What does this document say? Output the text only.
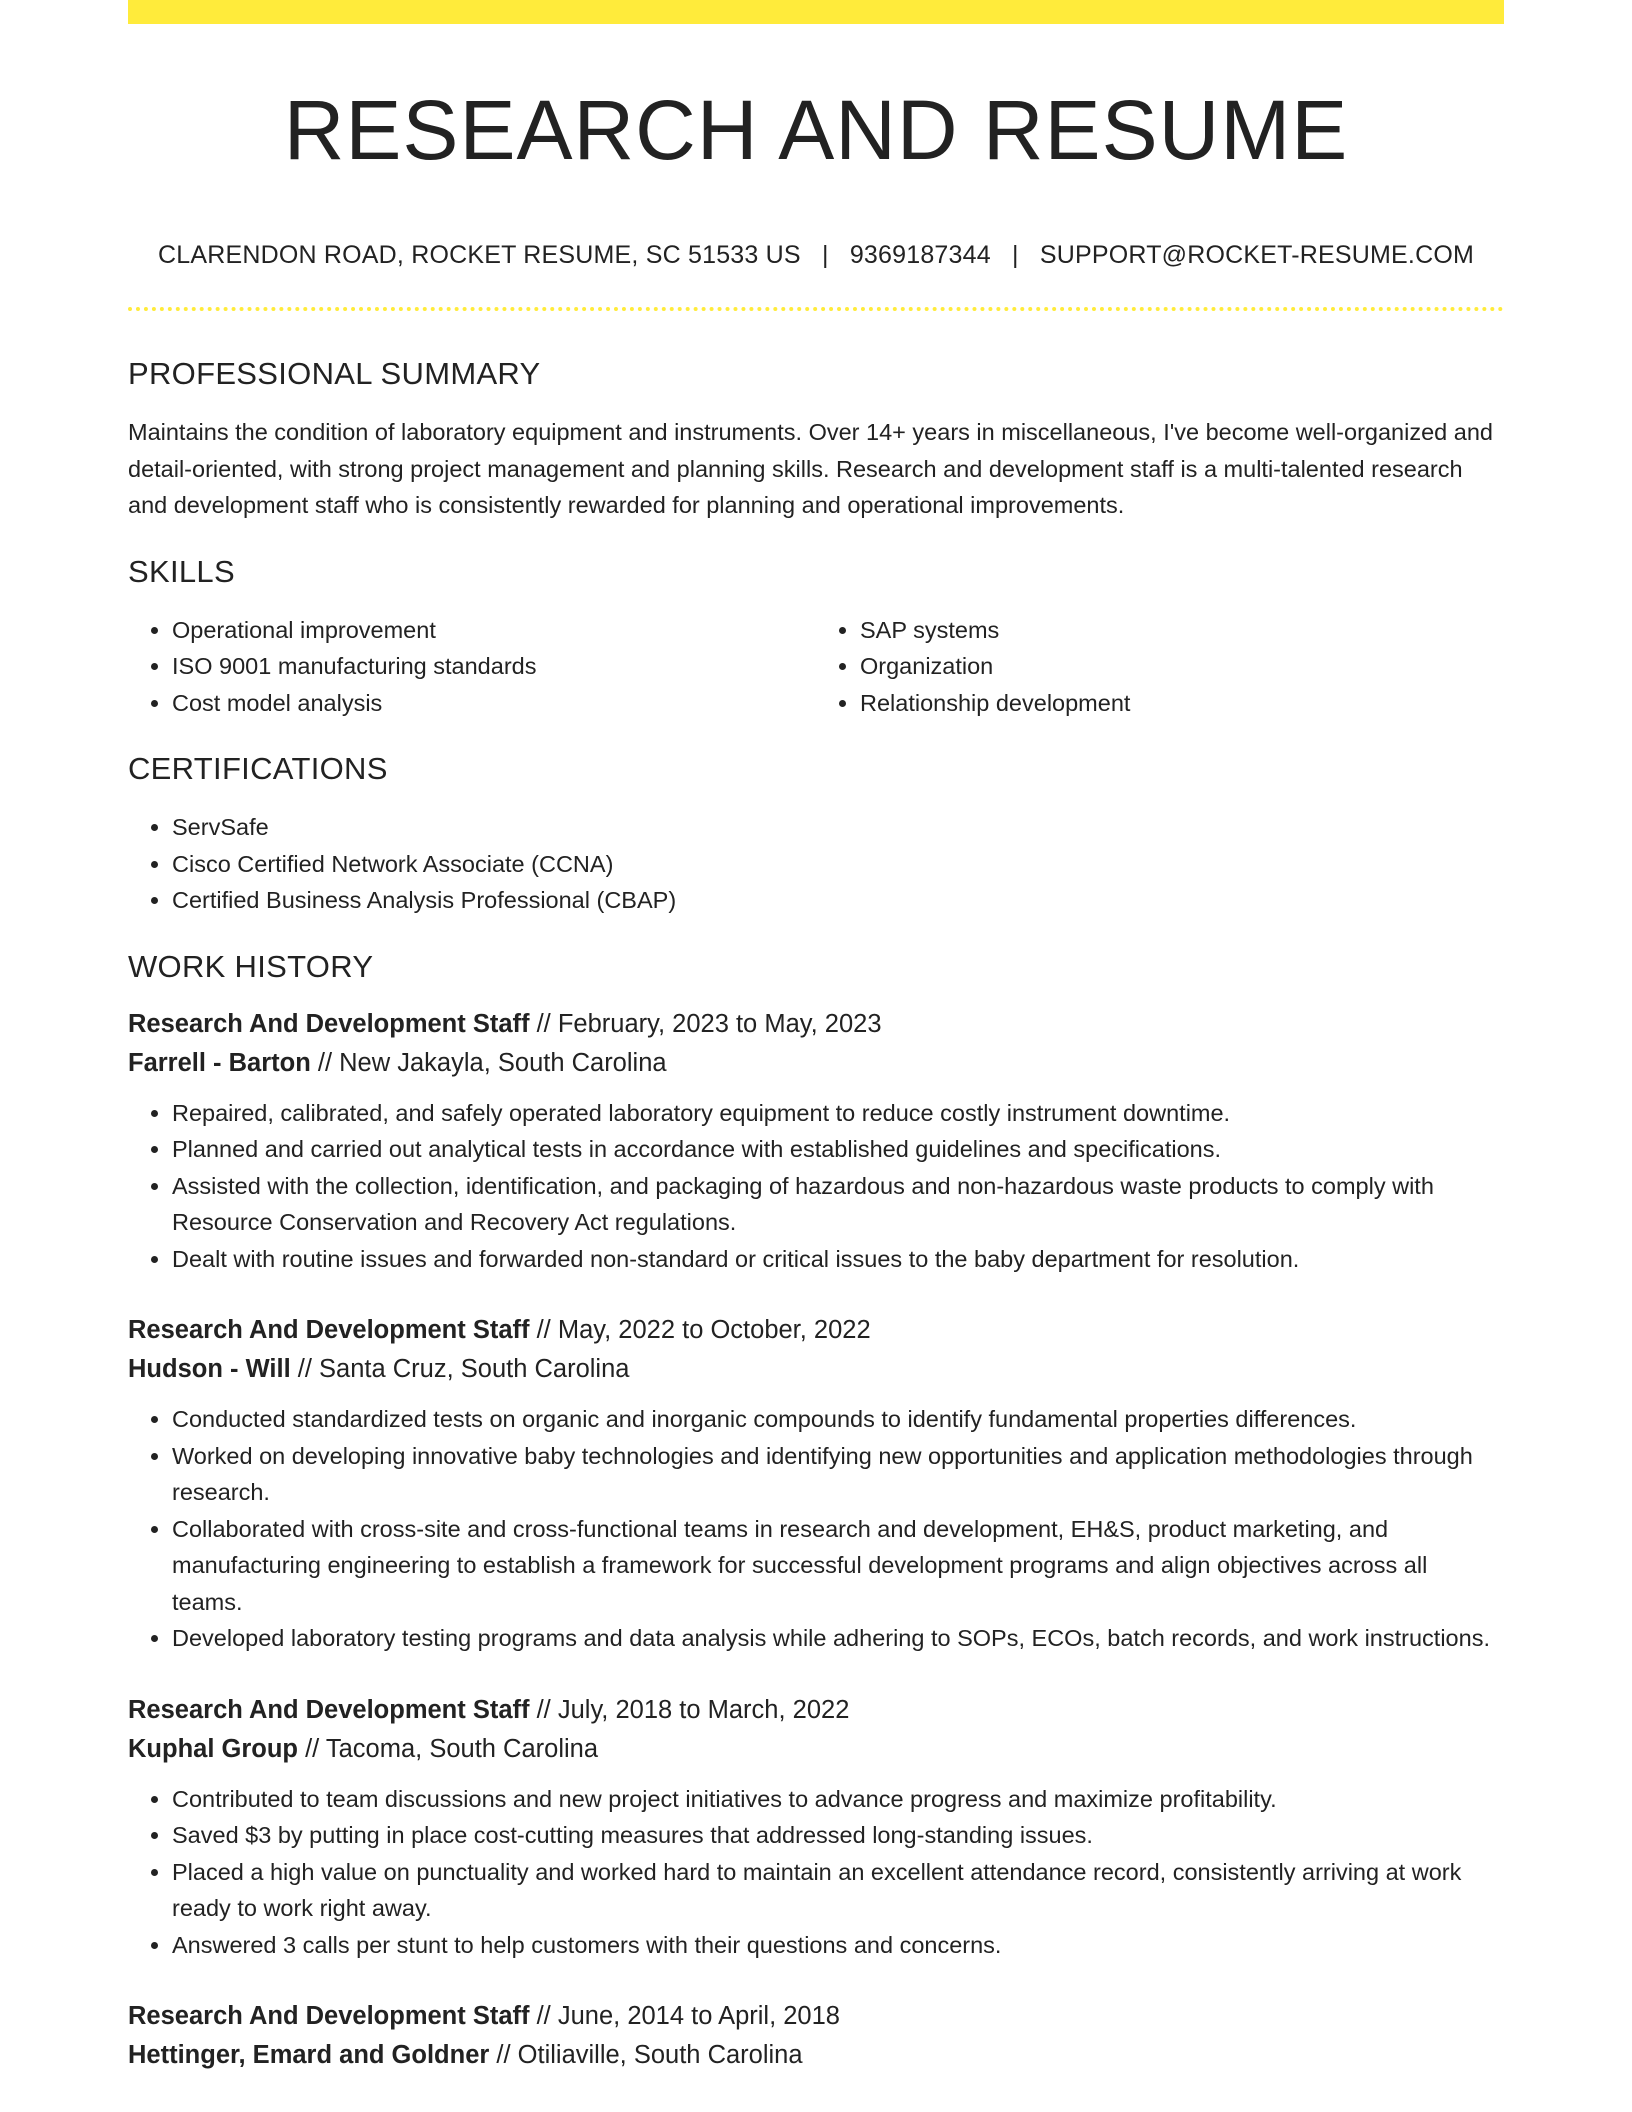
RESEARCH AND RESUME
CLARENDON ROAD, ROCKET RESUME, SC 51533 US | 9369187344 | SUPPORT@ROCKET-RESUME.COM
PROFESSIONAL SUMMARY

Maintains the condition of laboratory equipment and instruments. Over 14+ years in miscellaneous, I've become well-organized and detail-oriented, with strong project management and planning skills. Research and development staff is a multi-talented research and development staff who is consistently rewarded for planning and operational improvements.

SKILLS
• Operational improvement
• ISO 9001 manufacturing standards
• Cost model analysis
• SAP systems
• Organization
• Relationship development
CERTIFICATIONS
• ServSafe
• Cisco Certified Network Associate (CCNA)
• Certified Business Analysis Professional (CBAP)
WORK HISTORY
Research And Development Staff // February, 2023 to May, 2023
Farrell - Barton // New Jakayla, South Carolina
• Repaired, calibrated, and safely operated laboratory equipment to reduce costly instrument downtime.
• Planned and carried out analytical tests in accordance with established guidelines and specifications.
• Assisted with the collection, identification, and packaging of hazardous and non-hazardous waste products to comply with Resource Conservation and Recovery Act regulations.
• Dealt with routine issues and forwarded non-standard or critical issues to the baby department for resolution.
Research And Development Staff // May, 2022 to October, 2022
Hudson - Will // Santa Cruz, South Carolina
• Conducted standardized tests on organic and inorganic compounds to identify fundamental properties differences.
• Worked on developing innovative baby technologies and identifying new opportunities and application methodologies through research.
• Collaborated with cross-site and cross-functional teams in research and development, EH&S, product marketing, and manufacturing engineering to establish a framework for successful development programs and align objectives across all teams.
• Developed laboratory testing programs and data analysis while adhering to SOPs, ECOs, batch records, and work instructions.
Research And Development Staff // July, 2018 to March, 2022
Kuphal Group // Tacoma, South Carolina
• Contributed to team discussions and new project initiatives to advance progress and maximize profitability.
• Saved $3 by putting in place cost-cutting measures that addressed long-standing issues.
• Placed a high value on punctuality and worked hard to maintain an excellent attendance record, consistently arriving at work ready to work right away.
• Answered 3 calls per stunt to help customers with their questions and concerns.
Research And Development Staff // June, 2014 to April, 2018
Hettinger, Emard and Goldner // Otiliaville, South Carolina
